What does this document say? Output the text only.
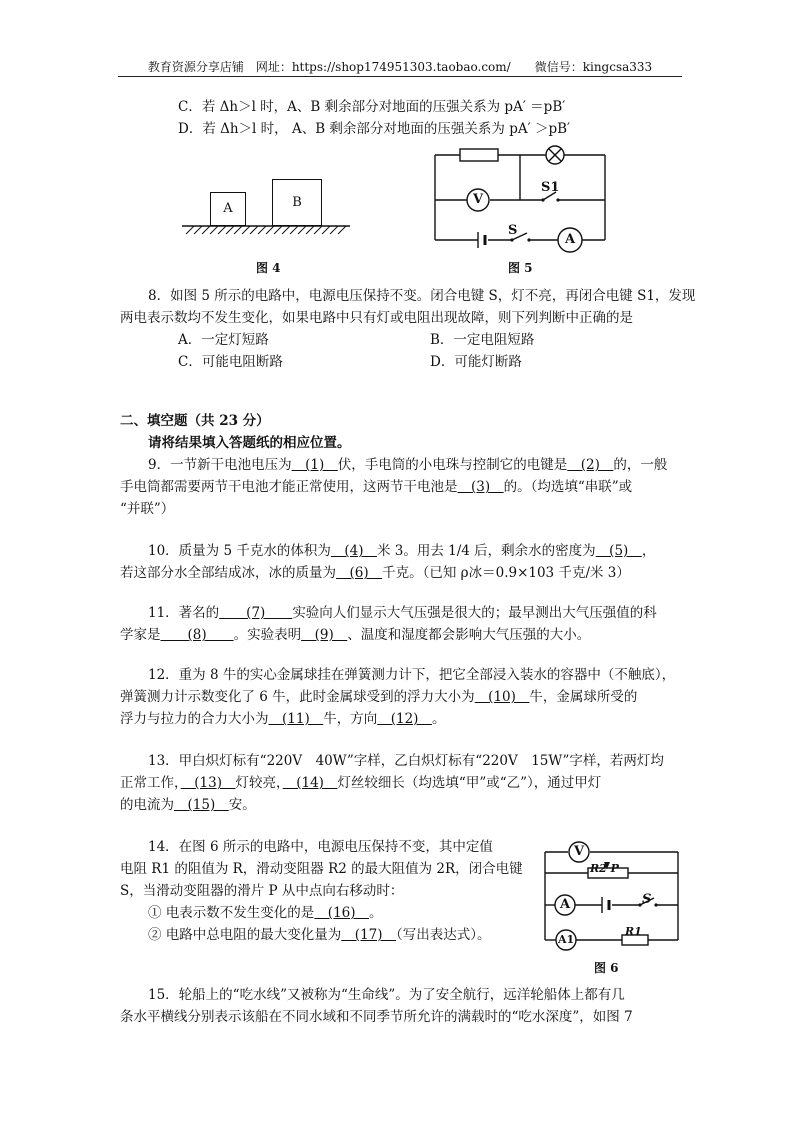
教育资源分享店铺　网址：https://shop174951303.taobao.com/　　微信号：kingcsa333
C．若 Δh＞l 时，A、B 剩余部分对地面的压强关系为 pA′ ＝pB′
D．若 Δh＞l 时， A、B 剩余部分对地面的压强关系为 pA′ ＞pB′
A	B
图 4
V
A
S1
S
图 5
8．如图 5 所示的电路中，电源电压保持不变。闭合电键 S，灯不亮，再闭合电键 S1，发现
两电表示数均不发生变化，如果电路中只有灯或电阻出现故障，则下列判断中正确的是
A．一定灯短路	B．一定电阻短路
C．可能电阻断路	D．可能灯断路
二、填空题（共 23 分）
请将结果填入答题纸的相应位置。
9．一节新干电池电压为　(1)　伏，手电筒的小电珠与控制它的电键是　(2)　的，一般
手电筒都需要两节干电池才能正常使用，这两节干电池是　(3)　的。（均选填“串联”或
“并联”）
10．质量为 5 千克水的体积为　(4)　米 3。用去 1/4 后，剩余水的密度为　(5)　，
若这部分水全部结成冰，冰的质量为　(6)　千克。（已知 ρ冰＝0.9×103 千克/米 3）
11．著名的　　(7)　　实验向人们显示大气压强是很大的；最早测出大气压强值的科
学家是　　(8)　　。实验表明　(9)　、温度和湿度都会影响大气压强的大小。
12．重为 8 牛的实心金属球挂在弹簧测力计下，把它全部浸入装水的容器中（不触底），
弹簧测力计示数变化了 6 牛，此时金属球受到的浮力大小为　(10)　牛，金属球所受的
浮力与拉力的合力大小为　(11)　牛，方向　(12)　。
13．甲白炽灯标有“220V　40W”字样，乙白炽灯标有“220V　15W”字样，若两灯均
正常工作，　(13)　灯较亮，　(14)　灯丝较细长（均选填“甲”或“乙”），通过甲灯
的电流为　(15)　安。
14．在图 6 所示的电路中，电源电压保持不变，其中定值
电阻 R1 的阻值为 R，滑动变阻器 R2 的最大阻值为 2R，闭合电键
S，当滑动变阻器的滑片 P 从中点向右移动时：
① 电表示数不发生变化的是　(16)　。
② 电路中总电阻的最大变化量为　(17)　（写出表达式）。
V
R2 P
A	S
A1
R1
图 6
15．轮船上的“吃水线”又被称为“生命线”。为了安全航行，远洋轮船体上都有几
条水平横线分别表示该船在不同水域和不同季节所允许的满载时的“吃水深度”，如图 7
